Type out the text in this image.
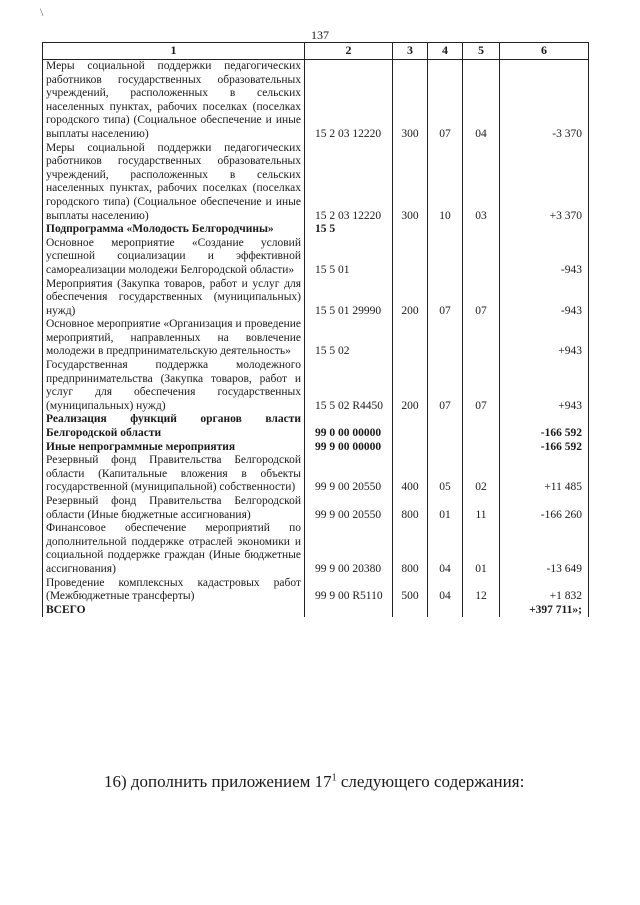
\
137
1	2	3	4	5	6
Меры социальной поддержки педагогических работников государственных образовательных учреждений, расположенных в сельских населенных пунктах, рабочих поселках (поселках городского типа) (Социальное обеспечение и иные выплаты населению)	15 2 03 12220	300	07	04	-3 370
Меры социальной поддержки педагогических работников государственных образовательных учреждений, расположенных в сельских населенных пунктах, рабочих поселках (поселках городского типа) (Социальное обеспечение и иные выплаты населению)	15 2 03 12220	300	10	03	+3 370
Подпрограмма «Молодость Белгородчины»	15 5				
Основное мероприятие «Создание условий успешной социализации и эффективной самореализации молодежи Белгородской области»	15 5 01				-943
Мероприятия (Закупка товаров, работ и услуг для обеспечения государственных (муниципальных) нужд)	15 5 01 29990	200	07	07	-943
Основное мероприятие «Организация и проведение мероприятий, направленных на вовлечение молодежи в предпринимательскую деятельность»	15 5 02				+943
Государственная поддержка молодежного предпринимательства (Закупка товаров, работ и услуг для обеспечения государственных (муниципальных) нужд)	15 5 02 R4450	200	07	07	+943
Реализация функций органов власти Белгородской области	99 0 00 00000				-166 592
Иные непрограммные мероприятия	99 9 00 00000				-166 592
Резервный фонд Правительства Белгородской области (Капитальные вложения в объекты государственной (муниципальной) собственности)	99 9 00 20550	400	05	02	+11 485
Резервный фонд Правительства Белгородской области (Иные бюджетные ассигнования)	99 9 00 20550	800	01	11	-166 260
Финансовое обеспечение мероприятий по дополнительной поддержке отраслей экономики и социальной поддержке граждан (Иные бюджетные ассигнования)	99 9 00 20380	800	04	01	-13 649
Проведение комплексных кадастровых работ (Межбюджетные трансферты)	99 9 00 R5110	500	04	12	+1 832
ВСЕГО					+397 711»;
16) дополнить приложением $17^1$ следующего содержания:
